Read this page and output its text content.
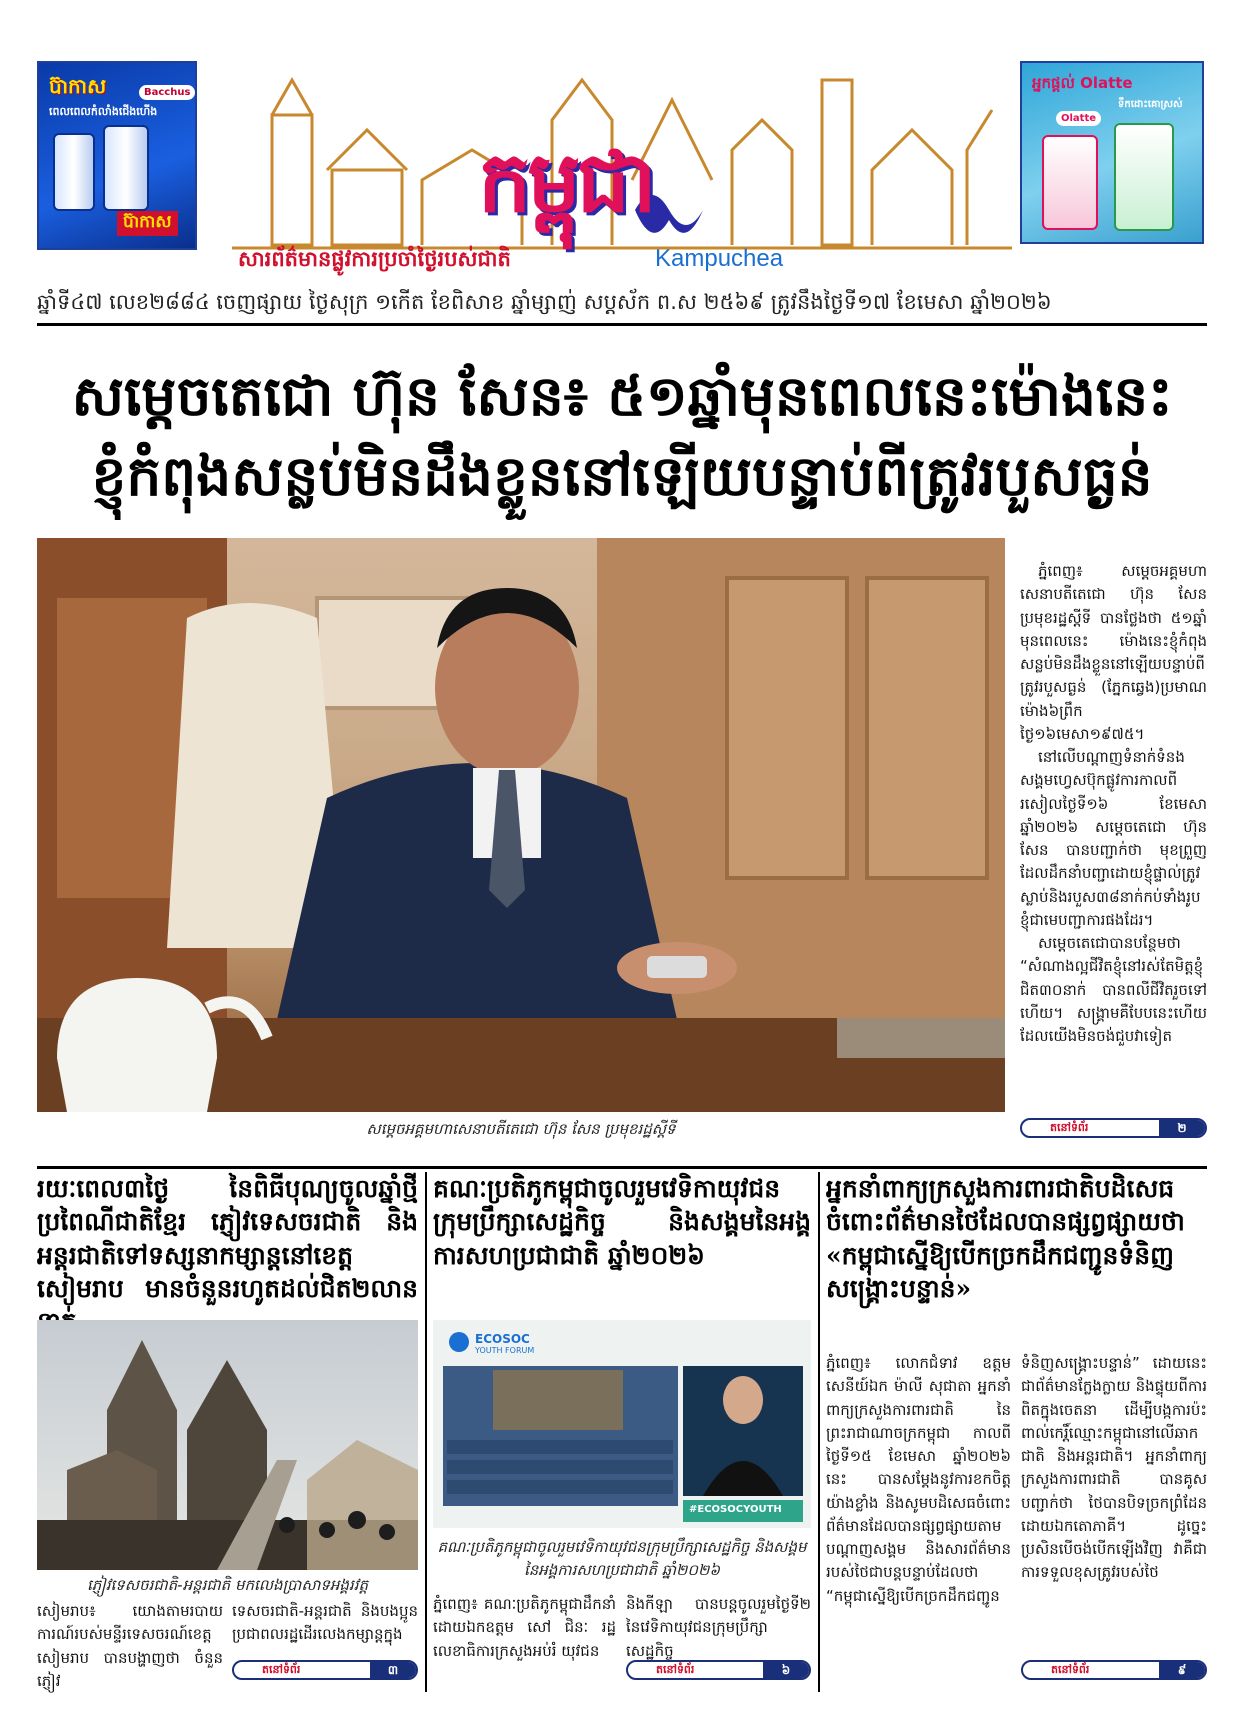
ប៊ាកាស
ពេលពេលកំលាំងជើងហើង
Bacchus
ប៊ាកាស	កម្ពុជា
សារព័ត៌មានផ្លូវការប្រចាំថ្ងៃរបស់ជាតិ	Kampuchea
អ្នកផ្តល់ Olatte
ទឹកដោះគោស្រស់
Olatte
ឆ្នាំទី៤៧ លេខ២៨៨៤ ចេញផ្សាយ ថ្ងៃសុក្រ ១កើត ខែពិសាខ ឆ្នាំម្សាញ់ សប្តស័ក ព.ស ២៥៦៩ ត្រូវនឹងថ្ងៃទី១៧ ខែមេសា ឆ្នាំ២០២៦
សម្តេចតេជោ ហ៊ុន សែន៖ ៥១ឆ្នាំមុនពេលនេះម៉ោងនេះ
ខ្ញុំកំពុងសន្លប់មិនដឹងខ្លួននៅឡើយបន្ទាប់ពីត្រូវរបួសធ្ងន់
សម្តេចអគ្គមហាសេនាបតីតេជោ ហ៊ុន សែន ប្រមុខរដ្ឋស្តីទី

ភ្នំពេញ៖ សម្តេចអគ្គមហាសេនាបតីតេជោ ហ៊ុន សែន ប្រមុខរដ្ឋស្តីទី បានថ្លែងថា ៥១ឆ្នាំមុនពេលនេះ ម៉ោងនេះខ្ញុំកំពុងសន្លប់មិនដឹងខ្លួននៅឡើយបន្ទាប់ពីត្រូវរបួសធ្ងន់ (ភ្នែកឆ្វេង)ប្រមាណម៉ោង៦ព្រឹកថ្ងៃ១៦មេសា១៩៧៥។

នៅលើបណ្តាញទំនាក់ទំនងសង្គមហ្វេសប៊ុកផ្លូវការកាលពីរសៀលថ្ងៃទី១៦ ខែមេសា ឆ្នាំ២០២៦ សម្តេចតេជោ ហ៊ុន សែន បានបញ្ជាក់ថា មុខព្រួញដែលដឹកនាំបញ្ជាដោយខ្ញុំផ្ទាល់ត្រូវស្លាប់និងរបួស៣៨នាក់កប់ទាំងរូបខ្ញុំជាមេបញ្ជាការផងដែរ។

សម្តេចតេជោបានបន្ថែមថា “សំណាងល្អជីវិតខ្ញុំនៅរស់តែមិត្តខ្ញុំជិត៣០នាក់ បានពលីជីវិតរួចទៅហើយ។ សង្គ្រាមគឺបែបនេះហើយដែលយើងមិនចង់ជួបវាទៀត

តនៅទំព័រ	២
រយៈពេល៣ថ្ងៃ នៃពិធីបុណ្យចូលឆ្នាំថ្មីប្រពៃណីជាតិខ្មែរ ភ្ញៀវទេសចរជាតិ និងអន្តរជាតិទៅទស្សនាកម្សាន្តនៅខេត្តសៀមរាប មានចំនួនរហូតដល់ជិត២លាន
ភ្ញៀវទេសចរជាតិ-អន្តរជាតិ មកលេងប្រាសាទអង្គរវត្ត
សៀមរាប៖ យោងតាមរបាយការណ៍របស់មន្ទីរទេសចរណ៍ខេត្តសៀមរាប បានបង្ហាញថា ចំនួនភ្ញៀវ
ទេសចរជាតិ-អន្តរជាតិ និងបងប្អូនប្រជាពលរដ្ឋដើរលេងកម្សាន្តក្នុង
តនៅទំព័រ	៣
គណៈប្រតិភូកម្ពុជាចូលរួមវេទិកាយុវជនក្រុមប្រឹក្សាសេដ្ឋកិច្ច និងសង្គមនៃអង្គការសហប្រជាជាតិ ឆ្នាំ២០២៦
ECOSOC
YOUTH FORUM
#ECOSOCYOUTH
គណៈប្រតិភូកម្ពុជាចូលរួមវេទិកាយុវជនក្រុមប្រឹក្សាសេដ្ឋកិច្ច និងសង្គម នៃអង្គការសហប្រជាជាតិ ឆ្នាំ២០២៦
ភ្នំពេញ៖ គណៈប្រតិភូកម្ពុជាដឹកនាំដោយឯកឧត្តម សៅ ជិនៈ រដ្ឋលេខាធិការក្រសួងអប់រំ យុវជន
និងកីឡា បានបន្តចូលរួមថ្ងៃទី២ នៃវេទិកាយុវជនក្រុមប្រឹក្សាសេដ្ឋកិច្ច
តនៅទំព័រ	៦
អ្នកនាំពាក្យក្រសួងការពារជាតិបដិសេធចំពោះព័ត៌មានថៃដែលបានផ្សព្វផ្សាយថា «កម្ពុជាស្នើឱ្យបើកច្រកដឹកជញ្ជូនទំនិញសង្គ្រោះបន្ទាន់»
ភ្នំពេញ៖ លោកជំទាវ ឧត្តមសេនីយ៍ឯក ម៉ាលី សុជាតា អ្នកនាំពាក្យក្រសួងការពារជាតិ នៃព្រះរាជាណាចក្រកម្ពុជា កាលពីថ្ងៃទី១៥ ខែមេសា ឆ្នាំ២០២៦ នេះ បានសម្តែងនូវការខកចិត្តយ៉ាងខ្លាំង និងសូមបដិសេធចំពោះព័ត៌មានដែលបានផ្សព្វផ្សាយតាមបណ្តាញសង្គម និងសារព័ត៌មានរបស់ថៃជាបន្តបន្ទាប់ដែលថា “កម្ពុជាស្នើឱ្យបើកច្រកដឹកជញ្ជូន
ទំនិញសង្គ្រោះបន្ទាន់” ដោយនេះជាព័ត៌មានក្លែងក្លាយ និងផ្ទុយពីការពិតក្នុងចេតនា ដើម្បីបង្កការប៉ះពាល់កេរ្តិ៍ឈ្មោះកម្ពុជានៅលើឆាកជាតិ និងអន្តរជាតិ។ អ្នកនាំពាក្យក្រសួងការពារជាតិ បានគូសបញ្ជាក់ថា ថៃបានបិទច្រកព្រំដែនដោយឯកតោភាគី។ ដូច្នេះប្រសិនបើចង់បើកឡើងវិញ វាគឺជាការទទួលខុសត្រូវរបស់ថៃ
តនៅទំព័រ	៩
